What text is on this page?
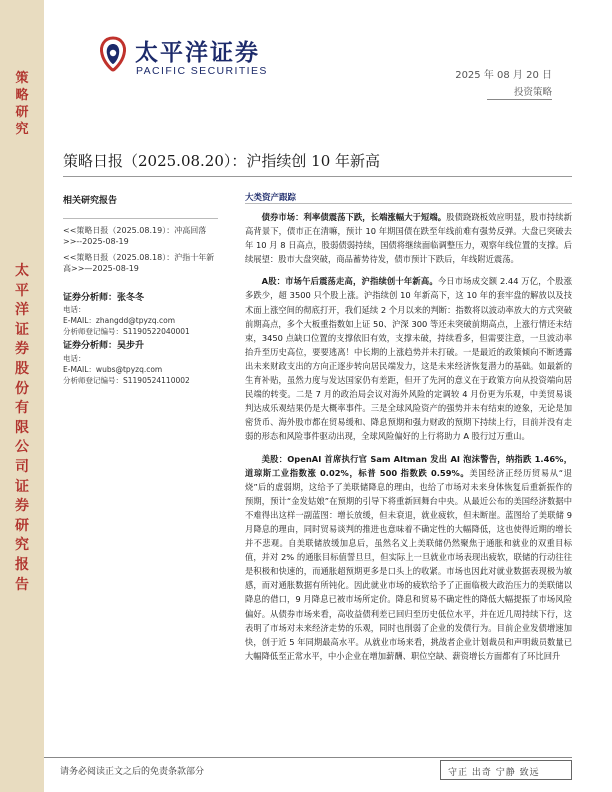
策略研究
太平洋证券股份有限公司证券研究报告
太平洋证券
PACIFIC SECURITIES	2025 年 08 月 20 日
投资策略
策略日报（2025.08.20）：沪指续创 10 年新高
相关研究报告
<<策略日报（2025.08.19）：冲高回落>>--2025-08-19
<<策略日报（2025.08.18）：沪指十年新高>>—2025-08-19
证券分析师：张冬冬
电话：
E-MAIL：zhangdd@tpyzq.com
分析师登记编号：S1190522040001
证券分析师：吴步升
电话：
E-MAIL：wubs@tpyzq.com
分析师登记编号：S1190524110002
大类资产跟踪

债券市场：利率债震荡下跌，长端涨幅大于短端。股债跷跷板效应明显，股市持续新高背景下，债市正在清嘛，预计 10 年期国债在跌至年线前难有强势反弹。大盘已突破去年 10 月 8 日高点，股弱债弱持续，国债将继续面临调整压力，观察年线位置的支撑。后续展望：股市大盘突破，商品蓄势待发，债市预计下跌后，年线附近震荡。

A股：市场午后震荡走高，沪指续创十年新高。今日市场成交额 2.44 万亿，个股涨多跌少，超 3500 只个股上涨。沪指续创 10 年新高下，这 10 年的套牢盘的解放以及技术面上涨空间的彻底打开，我们延续 2 个月以来的判断：指数将以波动率放大的方式突破前期高点，多个大板重指数如上证 50、沪深 300 等还未突破前期高点，上涨行情还未结束，3450 点缺口位置的支撑依旧有效，支撑未破，持续看多，但需要注意，一旦波动率抬升至历史高位，要要逃离！中长期的上涨趋势并未打破。一是最近的政策倾向不断透露出未来财政支出的方向正逐步转向居民端发力，这是未来经济恢复潜力的基础。如最新的生育补贴，虽然力度与发达国家仍有差距，但开了先河的意义在于政策方向从投资端向居民端的转变。二是 7 月的政治局会议对海外风险的定调较 4 月份更为乐观，中美贸易谈判达成乐观结果仍是大概率事件。三是全球风险资产的强势并未有结束的迹象，无论是加密货币、海外股市都在贸易缓和、降息预期和强力财政的预期下持续上行，目前并没有走弱的形态和风险事件驱动出现，全球风险偏好的上行将助力 A 股行过万重山。

美股：OpenAI 首席执行官 Sam Altman 发出 AI 泡沫警告，纳指跌 1.46%，道琼斯工业指数涨 0.02%，标普 500 指数跌 0.59%。美国经济正经历贸易从“退烧”后的虚弱期，这给予了美联储降息的理由，也给了市场对未来身体恢复后重新振作的预期，预计“金发姑娘”在预期的引导下将重新回舞台中央。从最近公布的美国经济数据中不难得出这样一副蓝图：增长放缓，但未衰退，就业疲软，但未断崖。蓝图给了美联储 9 月降息的理由，同时贸易谈判的推进也意味着不确定性的大幅降低，这也使得近期的增长并不悲观。自美联储放缓加息后，虽然名义上美联储仍然聚焦于通胀和就业的双重目标值，并对 2% 的通胀目标值誓旦旦，但实际上一旦就业市场表现出疲软，联储的行动往往是积极和快速的，而通胀超预期更多是口头上的收紧。市场也因此对就业数据表现极为敏感，而对通胀数据有所钝化。因此就业市场的疲软给予了正面临极大政治压力的美联储以降息的借口，9 月降息已被市场所定价。降息和贸易不确定性的降低大幅提振了市场风险偏好。从债券市场来看，高收益债利差已回归至历史低位水平，并在近几周持续下行，这表明了市场对未来经济走势的乐观，同时也削弱了企业的发债行为。目前企业发债增速加快，创于近 5 年同期最高水平。从就业市场来看，挑战者企业计划裁员和声明裁员数量已大幅降低至正常水平，中小企业在增加薪酬、职位空缺、薪资增长方面都有了环比回升

请务必阅读正文之后的免责条款部分	守正 出奇 宁静 致远
